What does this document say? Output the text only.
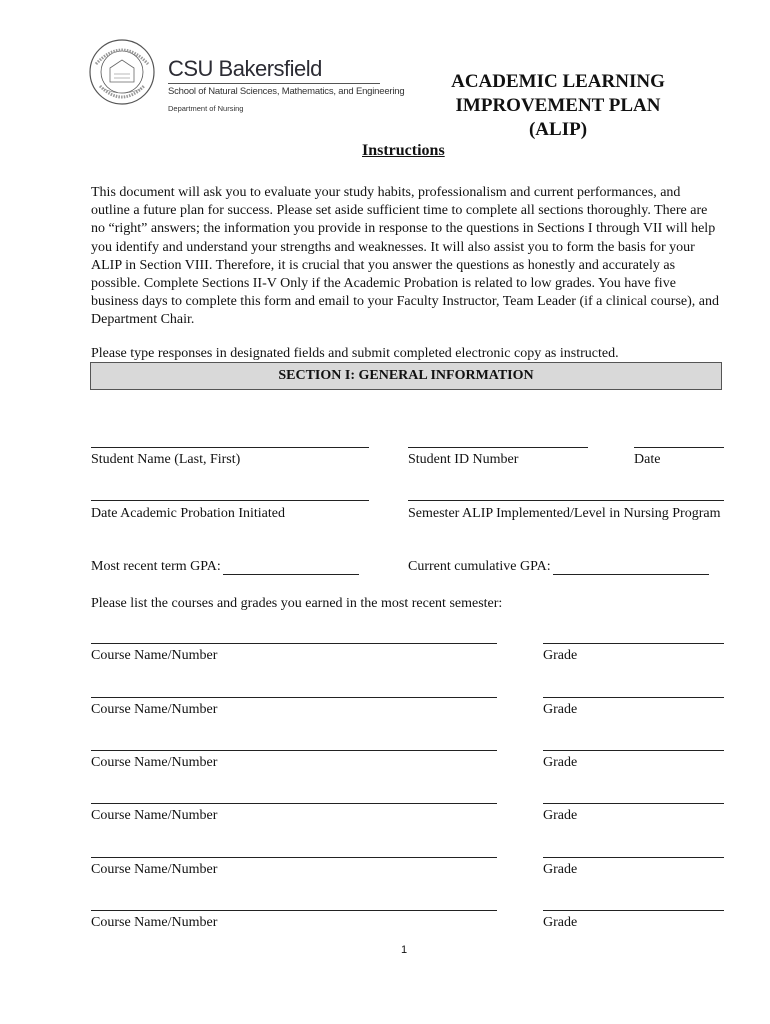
CSU Bakersfield
School of Natural Sciences, Mathematics, and Engineering
Department of Nursing
ACADEMIC LEARNING
IMPROVEMENT PLAN
(ALIP)
Instructions
This document will ask you to evaluate your study habits, professionalism and current performances, and outline a future plan for success. Please set aside sufficient time to complete all sections thoroughly. There are no “right” answers; the information you provide in response to the questions in Sections I through VII will help you identify and understand your strengths and weaknesses. It will also assist you to form the basis for your ALIP in Section VIII. Therefore, it is crucial that you answer the questions as honestly and accurately as possible. Complete Sections II-V Only if the Academic Probation is related to low grades. You have five business days to complete this form and email to your Faculty Instructor, Team Leader (if a clinical course), and Department Chair.
Please type responses in designated fields and submit completed electronic copy as instructed.
SECTION I: GENERAL INFORMATION
Student Name (Last, First)	Student ID Number	Date
Date Academic Probation Initiated	Semester ALIP Implemented/Level in Nursing Program
Most recent term GPA:	Current cumulative GPA:
Please list the courses and grades you earned in the most recent semester:
Course Name/Number	Grade
Course Name/Number	Grade
Course Name/Number	Grade
Course Name/Number	Grade
Course Name/Number	Grade
Course Name/Number	Grade
1
